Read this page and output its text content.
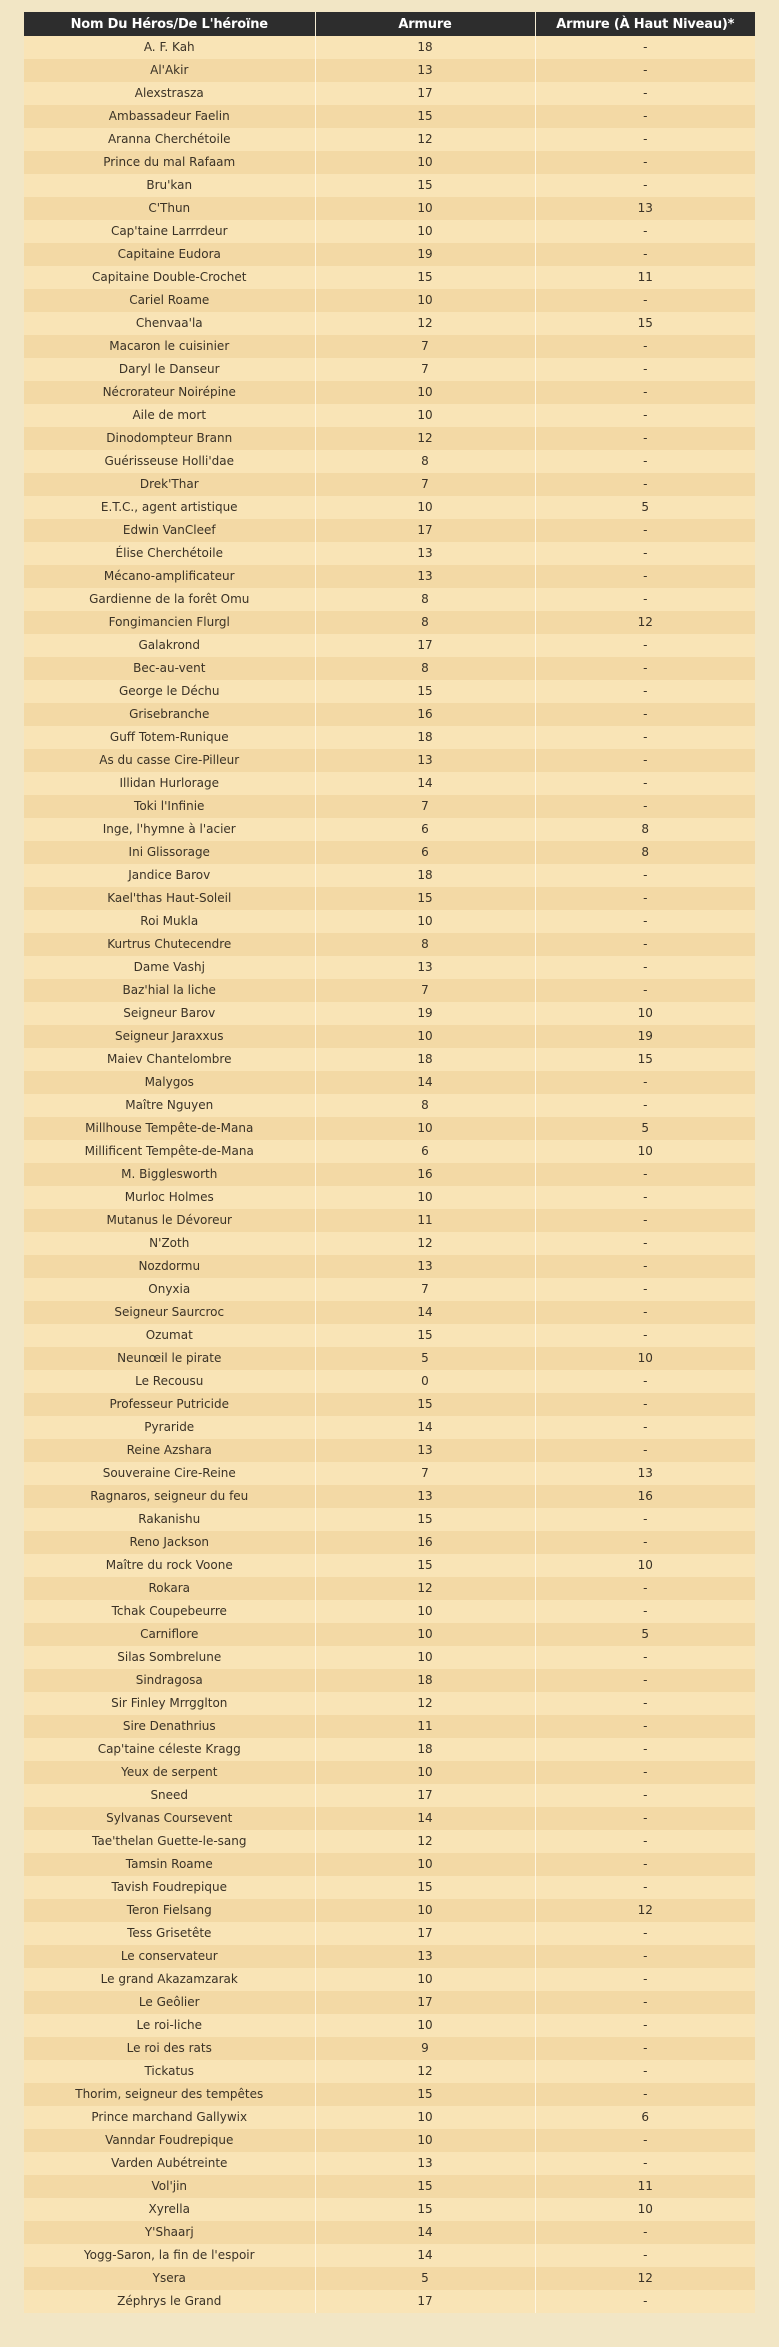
Nom Du Héros/De L'héroïne	Armure	Armure (À Haut Niveau)*
A. F. Kah	18	-
Al'Akir	13	-
Alexstrasza	17	-
Ambassadeur Faelin	15	-
Aranna Cherchétoile	12	-
Prince du mal Rafaam	10	-
Bru'kan	15	-
C'Thun	10	13
Cap'taine Larrrdeur	10	-
Capitaine Eudora	19	-
Capitaine Double-Crochet	15	11
Cariel Roame	10	-
Chenvaa'la	12	15
Macaron le cuisinier	7	-
Daryl le Danseur	7	-
Nécrorateur Noirépine	10	-
Aile de mort	10	-
Dinodompteur Brann	12	-
Guérisseuse Holli'dae	8	-
Drek'Thar	7	-
E.T.C., agent artistique	10	5
Edwin VanCleef	17	-
Élise Cherchétoile	13	-
Mécano-amplificateur	13	-
Gardienne de la forêt Omu	8	-
Fongimancien Flurgl	8	12
Galakrond	17	-
Bec-au-vent	8	-
George le Déchu	15	-
Grisebranche	16	-
Guff Totem-Runique	18	-
As du casse Cire-Pilleur	13	-
Illidan Hurlorage	14	-
Toki l'Infinie	7	-
Inge, l'hymne à l'acier	6	8
Ini Glissorage	6	8
Jandice Barov	18	-
Kael'thas Haut-Soleil	15	-
Roi Mukla	10	-
Kurtrus Chutecendre	8	-
Dame Vashj	13	-
Baz'hial la liche	7	-
Seigneur Barov	19	10
Seigneur Jaraxxus	10	19
Maiev Chantelombre	18	15
Malygos	14	-
Maître Nguyen	8	-
Millhouse Tempête-de-Mana	10	5
Millificent Tempête-de-Mana	6	10
M. Bigglesworth	16	-
Murloc Holmes	10	-
Mutanus le Dévoreur	11	-
N'Zoth	12	-
Nozdormu	13	-
Onyxia	7	-
Seigneur Saurcroc	14	-
Ozumat	15	-
Neunœil le pirate	5	10
Le Recousu	0	-
Professeur Putricide	15	-
Pyraride	14	-
Reine Azshara	13	-
Souveraine Cire-Reine	7	13
Ragnaros, seigneur du feu	13	16
Rakanishu	15	-
Reno Jackson	16	-
Maître du rock Voone	15	10
Rokara	12	-
Tchak Coupebeurre	10	-
Carniflore	10	5
Silas Sombrelune	10	-
Sindragosa	18	-
Sir Finley Mrrgglton	12	-
Sire Denathrius	11	-
Cap'taine céleste Kragg	18	-
Yeux de serpent	10	-
Sneed	17	-
Sylvanas Coursevent	14	-
Tae'thelan Guette-le-sang	12	-
Tamsin Roame	10	-
Tavish Foudrepique	15	-
Teron Fielsang	10	12
Tess Grisetête	17	-
Le conservateur	13	-
Le grand Akazamzarak	10	-
Le Geôlier	17	-
Le roi-liche	10	-
Le roi des rats	9	-
Tickatus	12	-
Thorim, seigneur des tempêtes	15	-
Prince marchand Gallywix	10	6
Vanndar Foudrepique	10	-
Varden Aubétreinte	13	-
Vol'jin	15	11
Xyrella	15	10
Y'Shaarj	14	-
Yogg-Saron, la fin de l'espoir	14	-
Ysera	5	12
Zéphrys le Grand	17	-
